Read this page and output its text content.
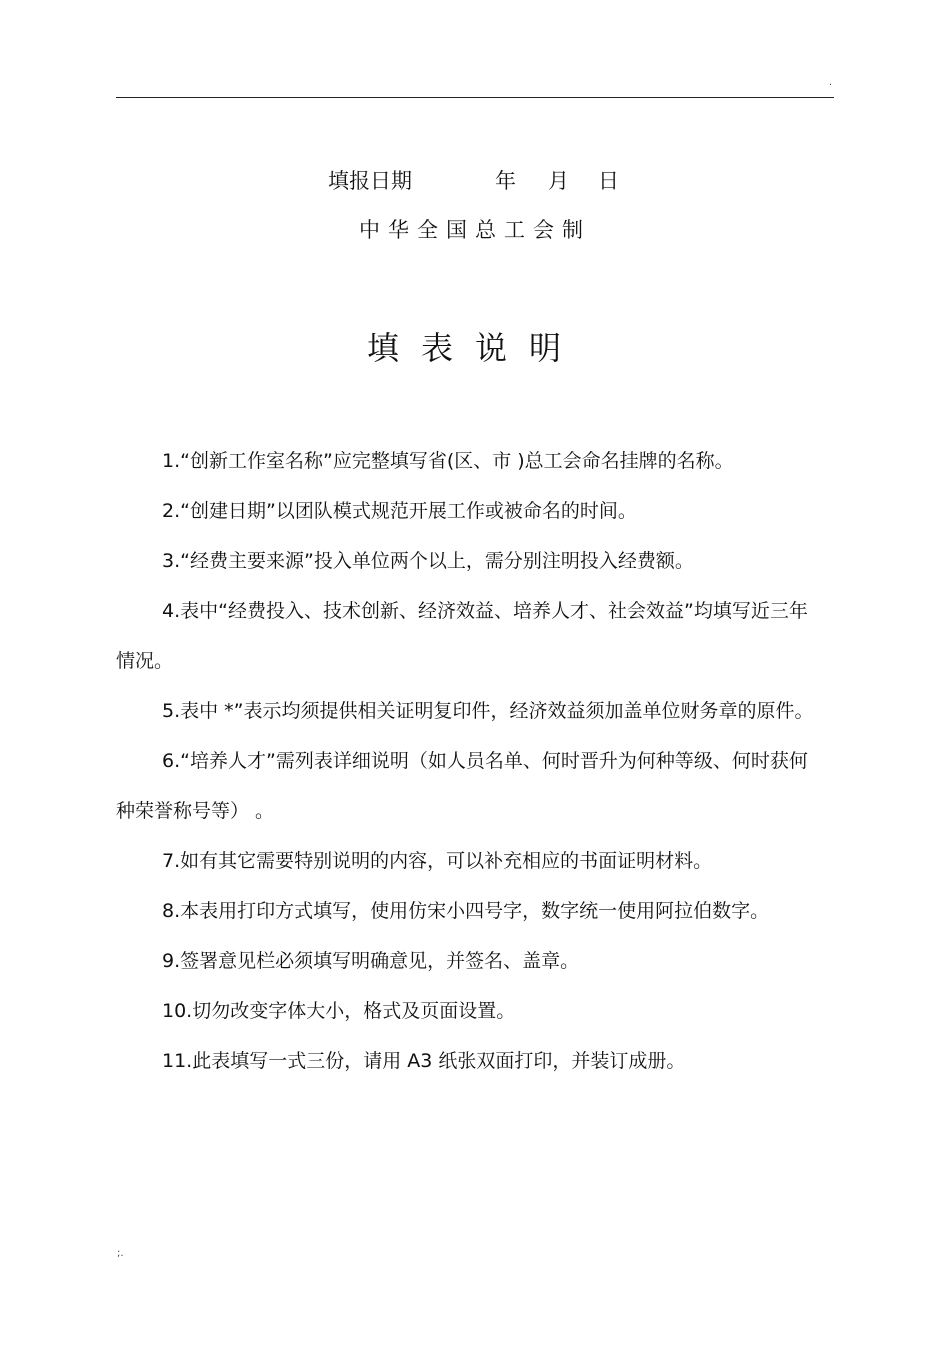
·
填报日期	年 月 日
中华全国总工会制
填表说明

1.“创新工作室名称”应完整填写省(区、市 )总工会命名挂牌的名称。

2.“创建日期”以团队模式规范开展工作或被命名的时间。

3.“经费主要来源”投入单位两个以上，需分别注明投入经费额。

4.表中“经费投入、技术创新、经济效益、培养人才、社会效益”均填写近三年情况。

5.表中 *”表示均须提供相关证明复印件，经济效益须加盖单位财务章的原件。

6.“培养人才”需列表详细说明（如人员名单、何时晋升为何种等级、何时获何种荣誉称号等） 。

7.如有其它需要特别说明的内容，可以补充相应的书面证明材料。

8.本表用打印方式填写，使用仿宋小四号字，数字统一使用阿拉伯数字。

9.签署意见栏必须填写明确意见，并签名、盖章。

10.切勿改变字体大小，格式及页面设置。

11.此表填写一式三份，请用 A3 纸张双面打印，并装订成册。

;.
